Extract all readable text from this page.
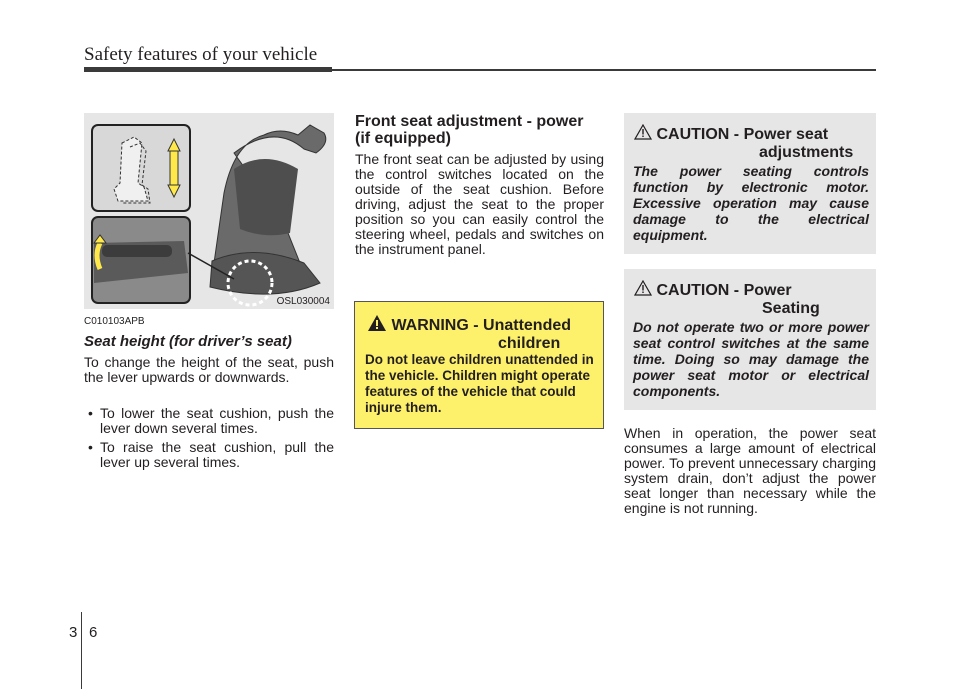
Safety features of your vehicle
OSL030004
C010103APB
Seat height (for driver’s seat)

To change the height of the seat, push the lever upwards or downwards.

• To lower the seat cushion, push the lever down several times.
• To raise the seat cushion, pull the lever up several times.
Front seat adjustment - power
(if equipped)

The front seat can be adjusted by using the control switches located on the outside of the seat cushion. Before driving, adjust the seat to the proper position so you can easily control the steering wheel, pedals and switches on the instrument panel.

WARNING - Unattended
children
Do not leave children unattended in the vehicle. Children might operate features of the vehicle that could injure them.
CAUTION - Power seat
adjustments
The power seating controls function by electronic motor. Excessive operation may cause damage to the electrical equipment.
CAUTION - Power
Seating
Do not operate two or more power seat control switches at the same time. Doing so may damage the power seat motor or electrical components.

When in operation, the power seat consumes a large amount of electrical power. To prevent unnecessary charging system drain, don’t adjust the power seat longer than necessary while the engine is not running.

3 6
